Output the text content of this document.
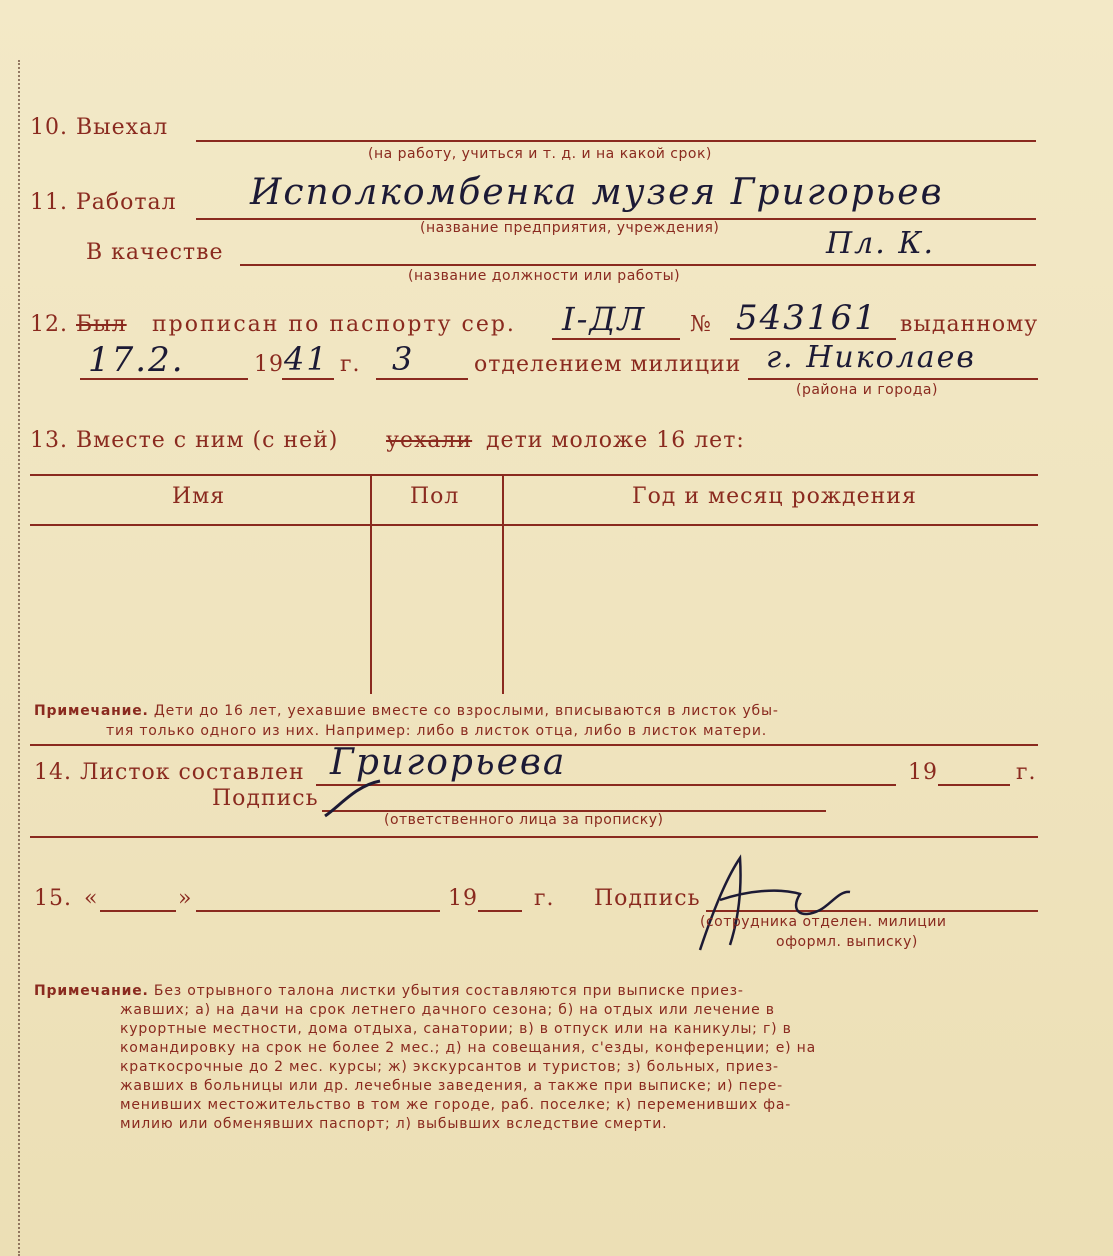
10. Выехал
(на работу, учиться и т. д. и на какой срок)
11. Работал Исполкомбенка музея Григорьев
(название предприятия, учреждения)
В качестве	Пл. К.
(название должности или работы)
12. Был прописан по паспорту сер. I-ДЛ № 543161 выданному
17.2.	19 41 г. 3	отделением милиции г. Николаев
(района и города)
13. Вместе с ним (с ней) уехали дети моложе 16 лет:
Имя	Пол	Год и месяц рождения
Примечание. Дети до 16 лет, уехавшие вместе со взрослыми, вписываются в листок убы-
тия только одного из них. Например: либо в листок отца, либо в листок матери.
14. Листок составлен Григорьева	19	г.
Подпись
(ответственного лица за прописку)
15. «	»	19	г. Подпись
(сотрудника отделен. милиции
оформл. выписку)
Примечание. Без отрывного талона листки убытия составляются при выписке приез-
жавших; а) на дачи на срок летнего дачного сезона; б) на отдых или лечение в
курортные местности, дома отдыха, санатории; в) в отпуск или на каникулы; г) в
командировку на срок не более 2 мес.; д) на совещания, с'езды, конференции; е) на
краткосрочные до 2 мес. курсы; ж) экскурсантов и туристов; з) больных, приез-
жавших в больницы или др. лечебные заведения, а также при выписке; и) пере-
менивших местожительство в том же городе, раб. поселке; к) переменивших фа-
милию или обменявших паспорт; л) выбывших вследствие смерти.
